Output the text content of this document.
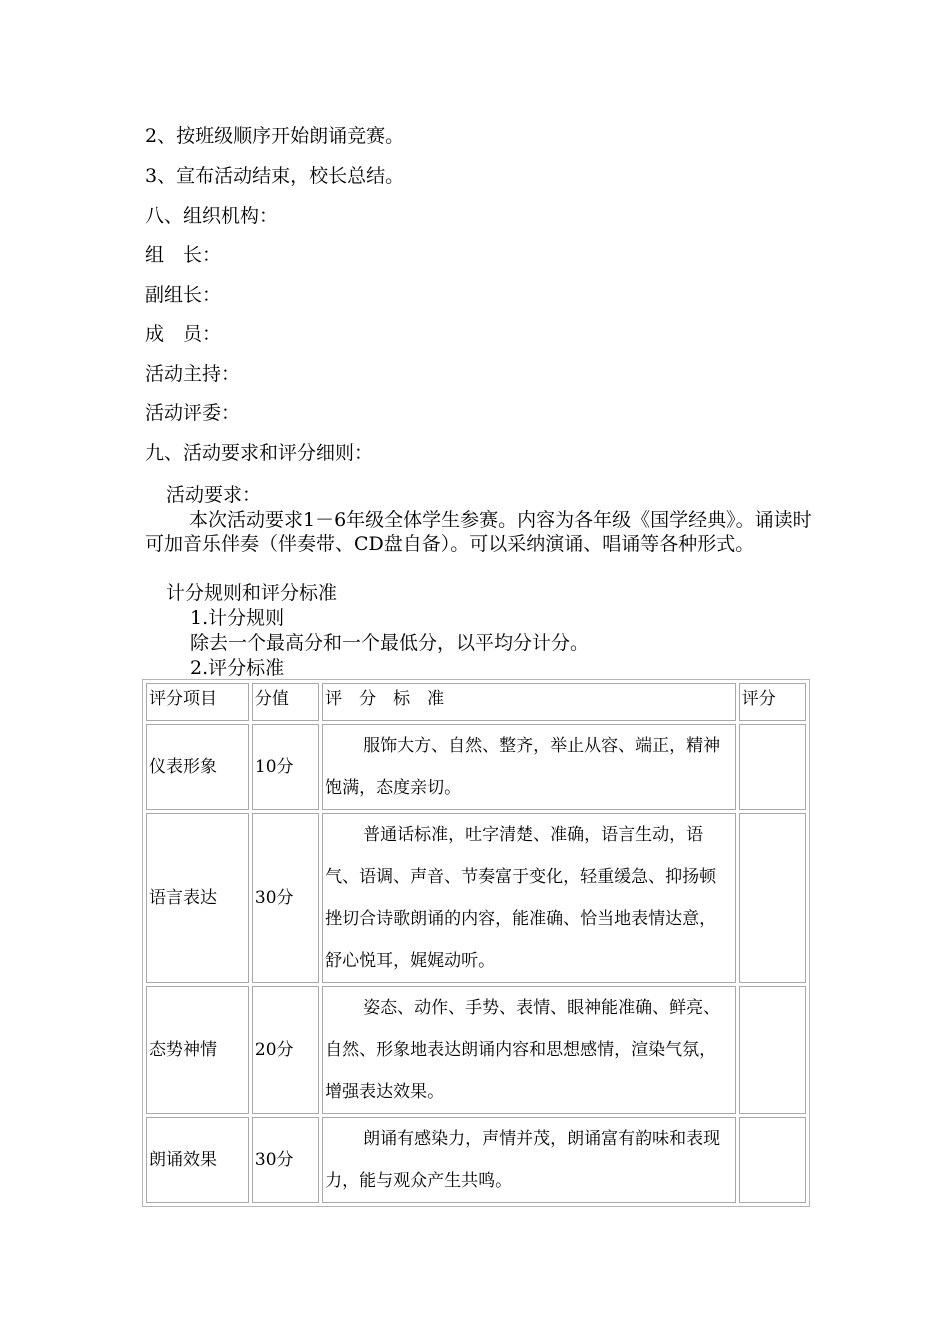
2、按班级顺序开始朗诵竞赛。
3、宣布活动结束，校长总结。
八、组织机构：
组　长：
副组长：
成　员：
活动主持：
活动评委：
九、活动要求和评分细则：
活动要求：
本次活动要求1－6年级全体学生参赛。内容为各年级《国学经典》。诵读时可加音乐伴奏（伴奏带、CD盘自备）。可以采纳演诵、唱诵等各种形式。
计分规则和评分标准
1.计分规则
除去一个最高分和一个最低分，以平均分计分。
2.评分标准
评分项目	分值	评　分　标　准	评分
仪表形象	10分	服饰大方、自然、整齐，举止从容、端正，精神饱满，态度亲切。	
语言表达	30分	普通话标准，吐字清楚、准确，语言生动，语气、语调、声音、节奏富于变化，轻重缓急、抑扬顿挫切合诗歌朗诵的内容，能准确、恰当地表情达意，舒心悦耳，娓娓动听。	
态势神情	20分	姿态、动作、手势、表情、眼神能准确、鲜亮、自然、形象地表达朗诵内容和思想感情，渲染气氛，增强表达效果。	
朗诵效果	30分	朗诵有感染力，声情并茂，朗诵富有韵味和表现力，能与观众产生共鸣。	
